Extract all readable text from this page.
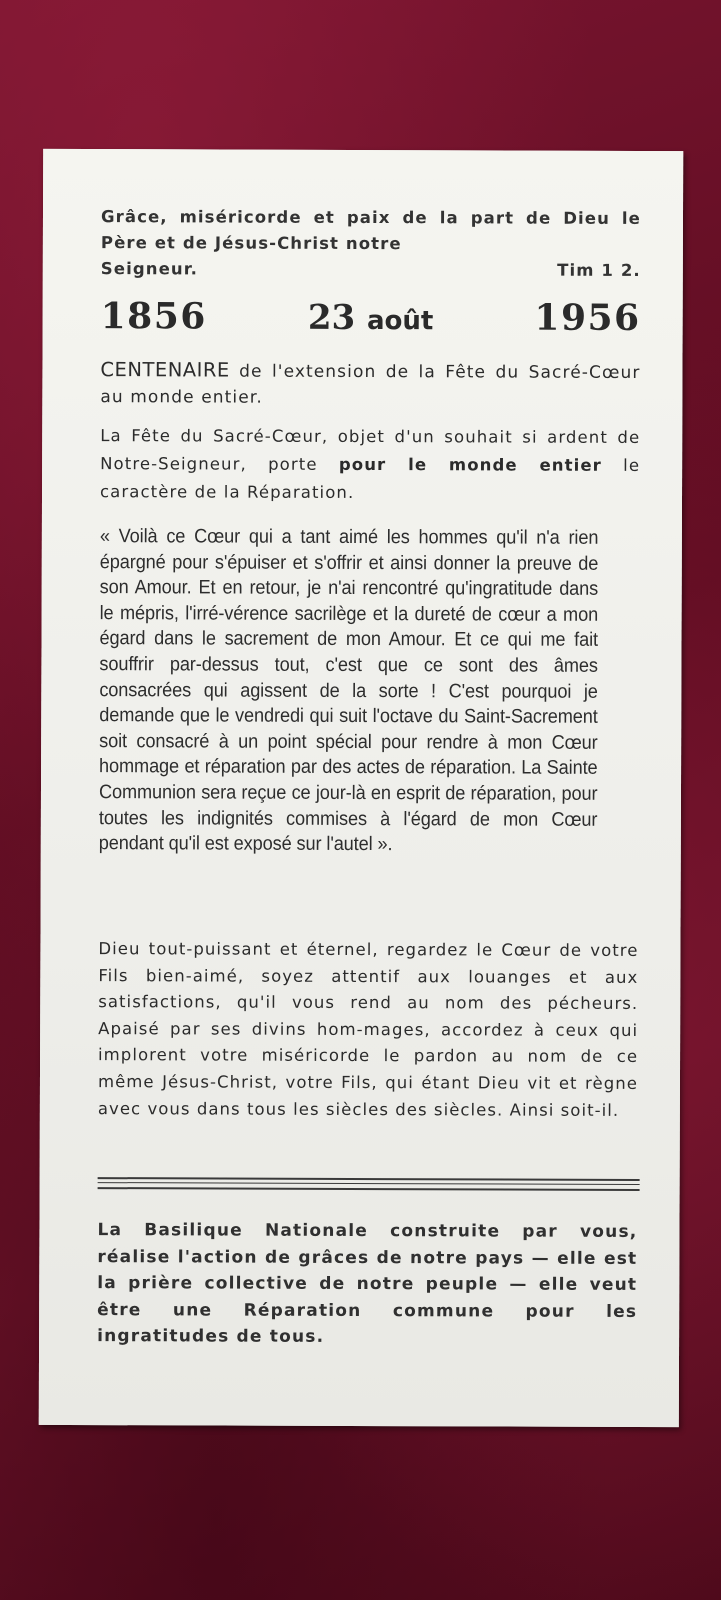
Grâce, miséricorde et paix de la part de Dieu le Père et de Jésus-Christ notre
Seigneur.	Tim 1 2.
1856	23 août	1956
CENTENAIRE de l'extension de la Fête du Sacré-Cœur au monde entier.
La Fête du Sacré-Cœur, objet d'un souhait si ardent de Notre-Seigneur, porte pour le monde entier le caractère de la Réparation.
« Voilà ce Cœur qui a tant aimé les hommes qu'il n'a rien épargné pour s'épuiser et s'offrir et ainsi donner la preuve de son Amour. Et en retour, je n'ai rencontré qu'ingratitude dans le mépris, l'irré-vérence sacrilège et la dureté de cœur a mon égard dans le sacrement de mon Amour. Et ce qui me fait souffrir par-dessus tout, c'est que ce sont des âmes consacrées qui agissent de la sorte ! C'est pourquoi je demande que le vendredi qui suit l'octave du Saint-Sacrement soit consacré à un point spécial pour rendre à mon Cœur hommage et réparation par des actes de réparation. La Sainte Communion sera reçue ce jour-là en esprit de réparation, pour toutes les indignités commises à l'égard de mon Cœur pendant qu'il est exposé sur l'autel ».
Dieu tout-puissant et éternel, regardez le Cœur de votre Fils bien-aimé, soyez attentif aux louanges et aux satisfactions, qu'il vous rend au nom des pécheurs. Apaisé par ses divins hom-mages, accordez à ceux qui implorent votre miséricorde le pardon au nom de ce même Jésus-Christ, votre Fils, qui étant Dieu vit et règne avec vous dans tous les siècles des siècles. Ainsi soit-il.
La Basilique Nationale construite par vous, réalise l'action de grâces de notre pays — elle est la prière collective de notre peuple — elle veut être une Réparation commune pour les ingratitudes de tous.
